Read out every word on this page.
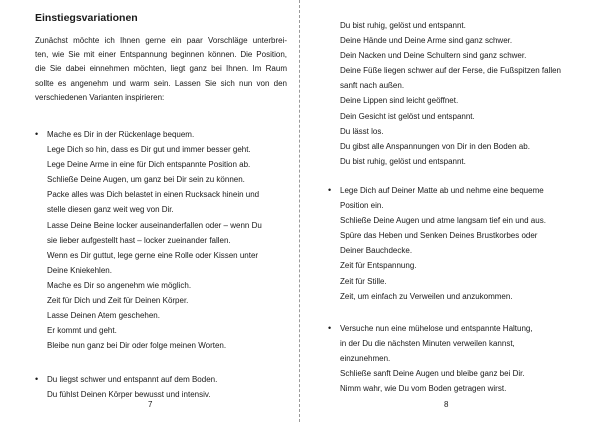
Einstiegsvariationen
Zunächst möchte ich Ihnen gerne ein paar Vorschläge unterbrei-
ten, wie Sie mit einer Entspannung beginnen können. Die Position,
die Sie dabei einnehmen möchten, liegt ganz bei Ihnen. Im Raum
sollte es angenehm und warm sein. Lassen Sie sich nun von den
verschiedenen Varianten inspirieren:
• Mache es Dir in der Rückenlage bequem.
Lege Dich so hin, dass es Dir gut und immer besser geht.
Lege Deine Arme in eine für Dich entspannte Position ab.
Schließe Deine Augen, um ganz bei Dir sein zu können.
Packe alles was Dich belastet in einen Rucksack hinein und
stelle diesen ganz weit weg von Dir.
Lasse Deine Beine locker auseinanderfallen oder – wenn Du
sie lieber aufgestellt hast – locker zueinander fallen.
Wenn es Dir guttut, lege gerne eine Rolle oder Kissen unter
Deine Kniekehlen.
Mache es Dir so angenehm wie möglich.
Zeit für Dich und Zeit für Deinen Körper.
Lasse Deinen Atem geschehen.
Er kommt und geht.
Bleibe nun ganz bei Dir oder folge meinen Worten.
• Du liegst schwer und entspannt auf dem Boden.
Du fühlst Deinen Körper bewusst und intensiv.
7
Du bist ruhig, gelöst und entspannt.
Deine Hände und Deine Arme sind ganz schwer.
Dein Nacken und Deine Schultern sind ganz schwer.
Deine Füße liegen schwer auf der Ferse, die Fußspitzen fallen
sanft nach außen.
Deine Lippen sind leicht geöffnet.
Dein Gesicht ist gelöst und entspannt.
Du lässt los.
Du gibst alle Anspannungen von Dir in den Boden ab.
Du bist ruhig, gelöst und entspannt.
• Lege Dich auf Deiner Matte ab und nehme eine bequeme
Position ein.
Schließe Deine Augen und atme langsam tief ein und aus.
Spüre das Heben und Senken Deines Brustkorbes oder
Deiner Bauchdecke.
Zeit für Entspannung.
Zeit für Stille.
Zeit, um einfach zu Verweilen und anzukommen.
• Versuche nun eine mühelose und entspannte Haltung,
in der Du die nächsten Minuten verweilen kannst,
einzunehmen.
Schließe sanft Deine Augen und bleibe ganz bei Dir.
Nimm wahr, wie Du vom Boden getragen wirst.
8
